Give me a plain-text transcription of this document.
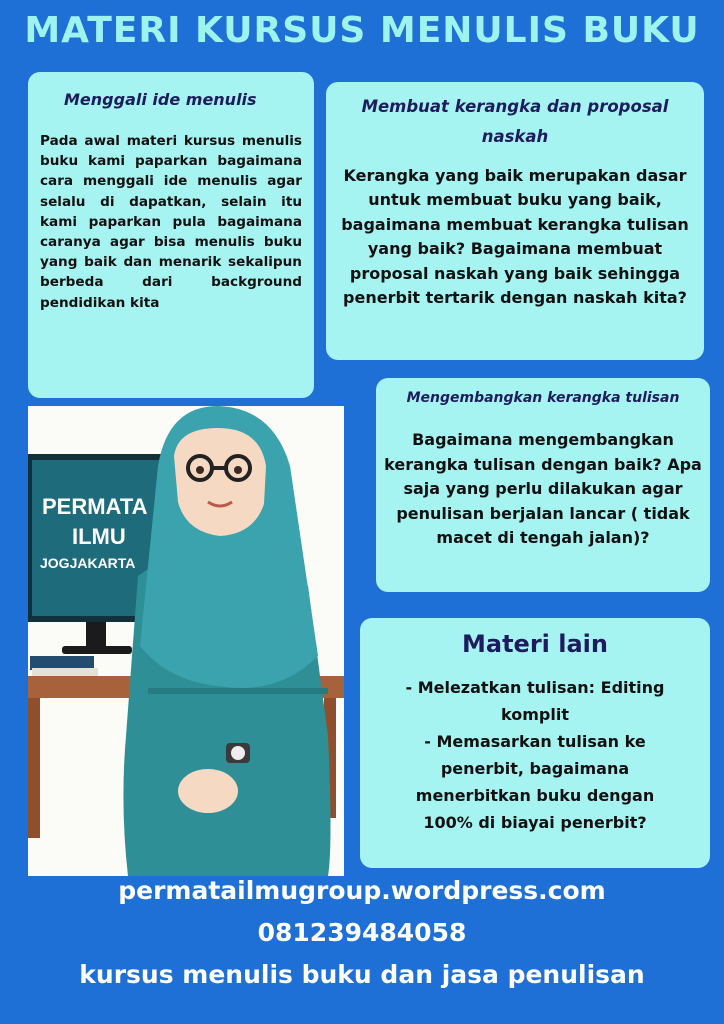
MATERI KURSUS MENULIS BUKU
Menggali ide menulis

Pada awal materi kursus menulis buku kami paparkan bagaimana cara menggali ide menulis agar selalu di dapatkan, selain itu kami paparkan pula bagaimana caranya agar bisa menulis buku yang baik dan menarik sekalipun berbeda dari background pendidikan kita

Membuat kerangka dan proposal naskah

Kerangka yang baik merupakan dasar untuk membuat buku yang baik, bagaimana membuat kerangka tulisan yang baik? Bagaimana membuat proposal naskah yang baik sehingga penerbit tertarik dengan naskah kita?

Mengembangkan kerangka tulisan

Bagaimana mengembangkan kerangka tulisan dengan baik? Apa saja yang perlu dilakukan agar penulisan berjalan lancar ( tidak macet di tengah jalan)?

Materi lain
- Melezatkan tulisan: Editing
komplit
- Memasarkan tulisan ke
penerbit, bagaimana
menerbitkan buku dengan
100% di biayai penerbit?
PERMATA
ILMU
JOGJAKARTA
permatailmugroup.wordpress.com
081239484058
kursus menulis buku dan jasa penulisan
